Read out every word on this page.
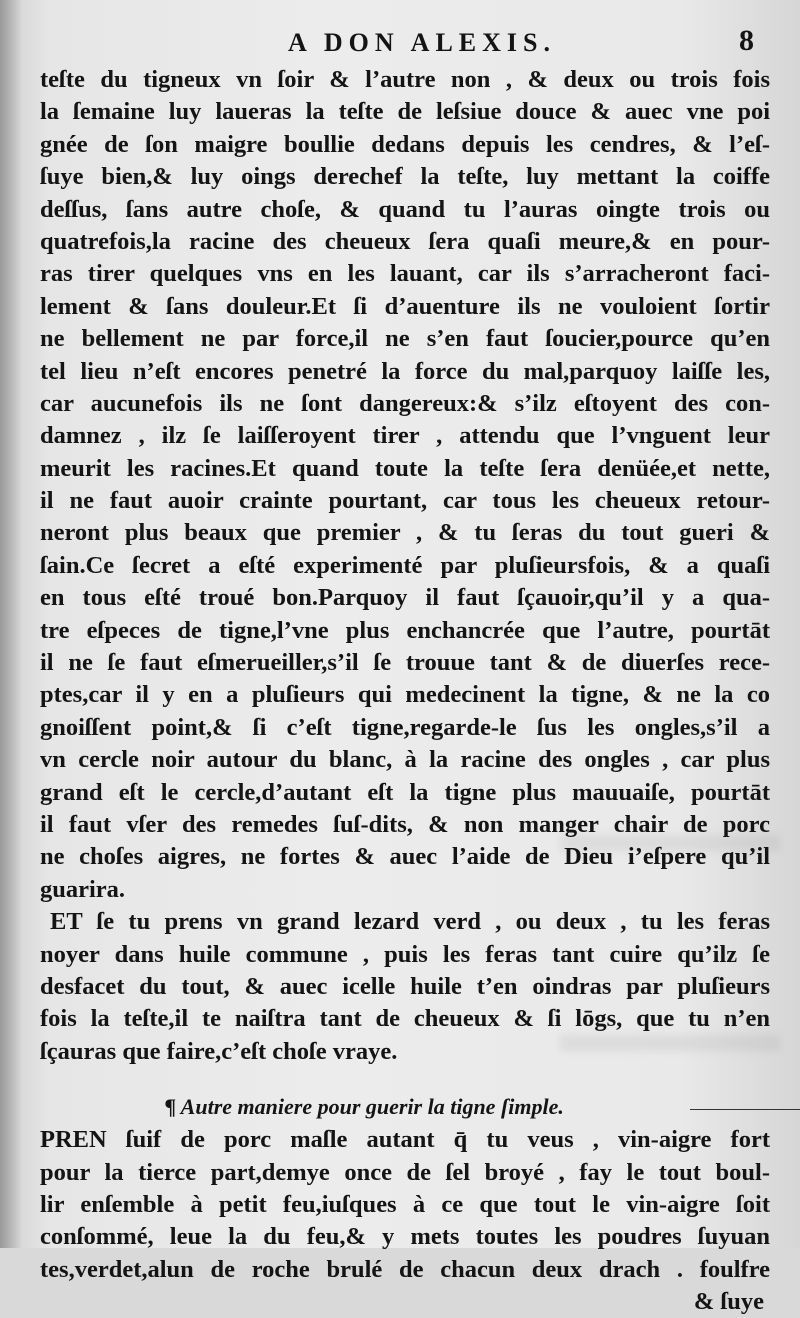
A DON ALEXIS.	8
teſte du tigneux vn ſoir & l’autre non , & deux ou trois fois
la ſemaine luy laueras la teſte de leſsiue douce & auec vne poi
gnée de ſon maigre boullie dedans depuis les cendres, & l’eſ-
ſuye bien,& luy oings derechef la teſte, luy mettant la coiffe
deſſus, ſans autre choſe, & quand tu l’auras oingte trois ou
quatrefois,la racine des cheueux ſera quaſi meure,& en pour-
ras tirer quelques vns en les lauant, car ils s’arracheront faci-
lement & ſans douleur.Et ſi d’auenture ils ne vouloient ſortir
ne bellement ne par force,il ne s’en faut ſoucier,pource qu’en
tel lieu n’eſt encores penetré la force du mal,parquoy laiſſe les,
car aucunefois ils ne ſont dangereux:& s’ilz eſtoyent des con-
damnez , ilz ſe laiſſeroyent tirer , attendu que l’vnguent leur
meurit les racines.Et quand toute la teſte ſera denüée,et nette,
il ne faut auoir crainte pourtant, car tous les cheueux retour-
neront plus beaux que premier , & tu ſeras du tout gueri &
ſain.Ce ſecret a eſté experimenté par pluſieursfois, & a quaſi
en tous eſté troué bon.Parquoy il faut ſçauoir,qu’il y a qua-
tre eſpeces de tigne,l’vne plus enchancrée que l’autre, pourtāt
il ne ſe faut eſmerueiller,s’il ſe trouue tant & de diuerſes rece-
ptes,car il y en a pluſieurs qui medecinent la tigne, & ne la co
gnoiſſent point,& ſi c’eſt tigne,regarde-le ſus les ongles,s’il a
vn cercle noir autour du blanc, à la racine des ongles , car plus
grand eſt le cercle,d’autant eſt la tigne plus mauuaiſe, pourtāt
il faut vſer des remedes ſuſ-dits, & non manger chair de porc
ne choſes aigres, ne fortes & auec l’aide de Dieu i’eſpere qu’il
guarira.
ET ſe tu prens vn grand lezard verd , ou deux , tu les feras
noyer dans huile commune , puis les feras tant cuire qu’ilz ſe
desfacet du tout, & auec icelle huile t’en oindras par pluſieurs
fois la teſte,il te naiſtra tant de cheueux & ſi lōgs, que tu n’en
ſçauras que faire,c’eſt choſe vraye.
¶ Autre maniere pour guerir la tigne ſimple.
PREN ſuif de porc maſle autant q̄ tu veus , vin-aigre fort
pour la tierce part,demye once de ſel broyé , fay le tout boul-
lir enſemble à petit feu,iuſques à ce que tout le vin-aigre ſoit
conſommé, leue la du feu,& y mets toutes les poudres ſuyuan
tes,verdet,alun de roche brulé de chacun deux drach . foulfre
& ſuye
